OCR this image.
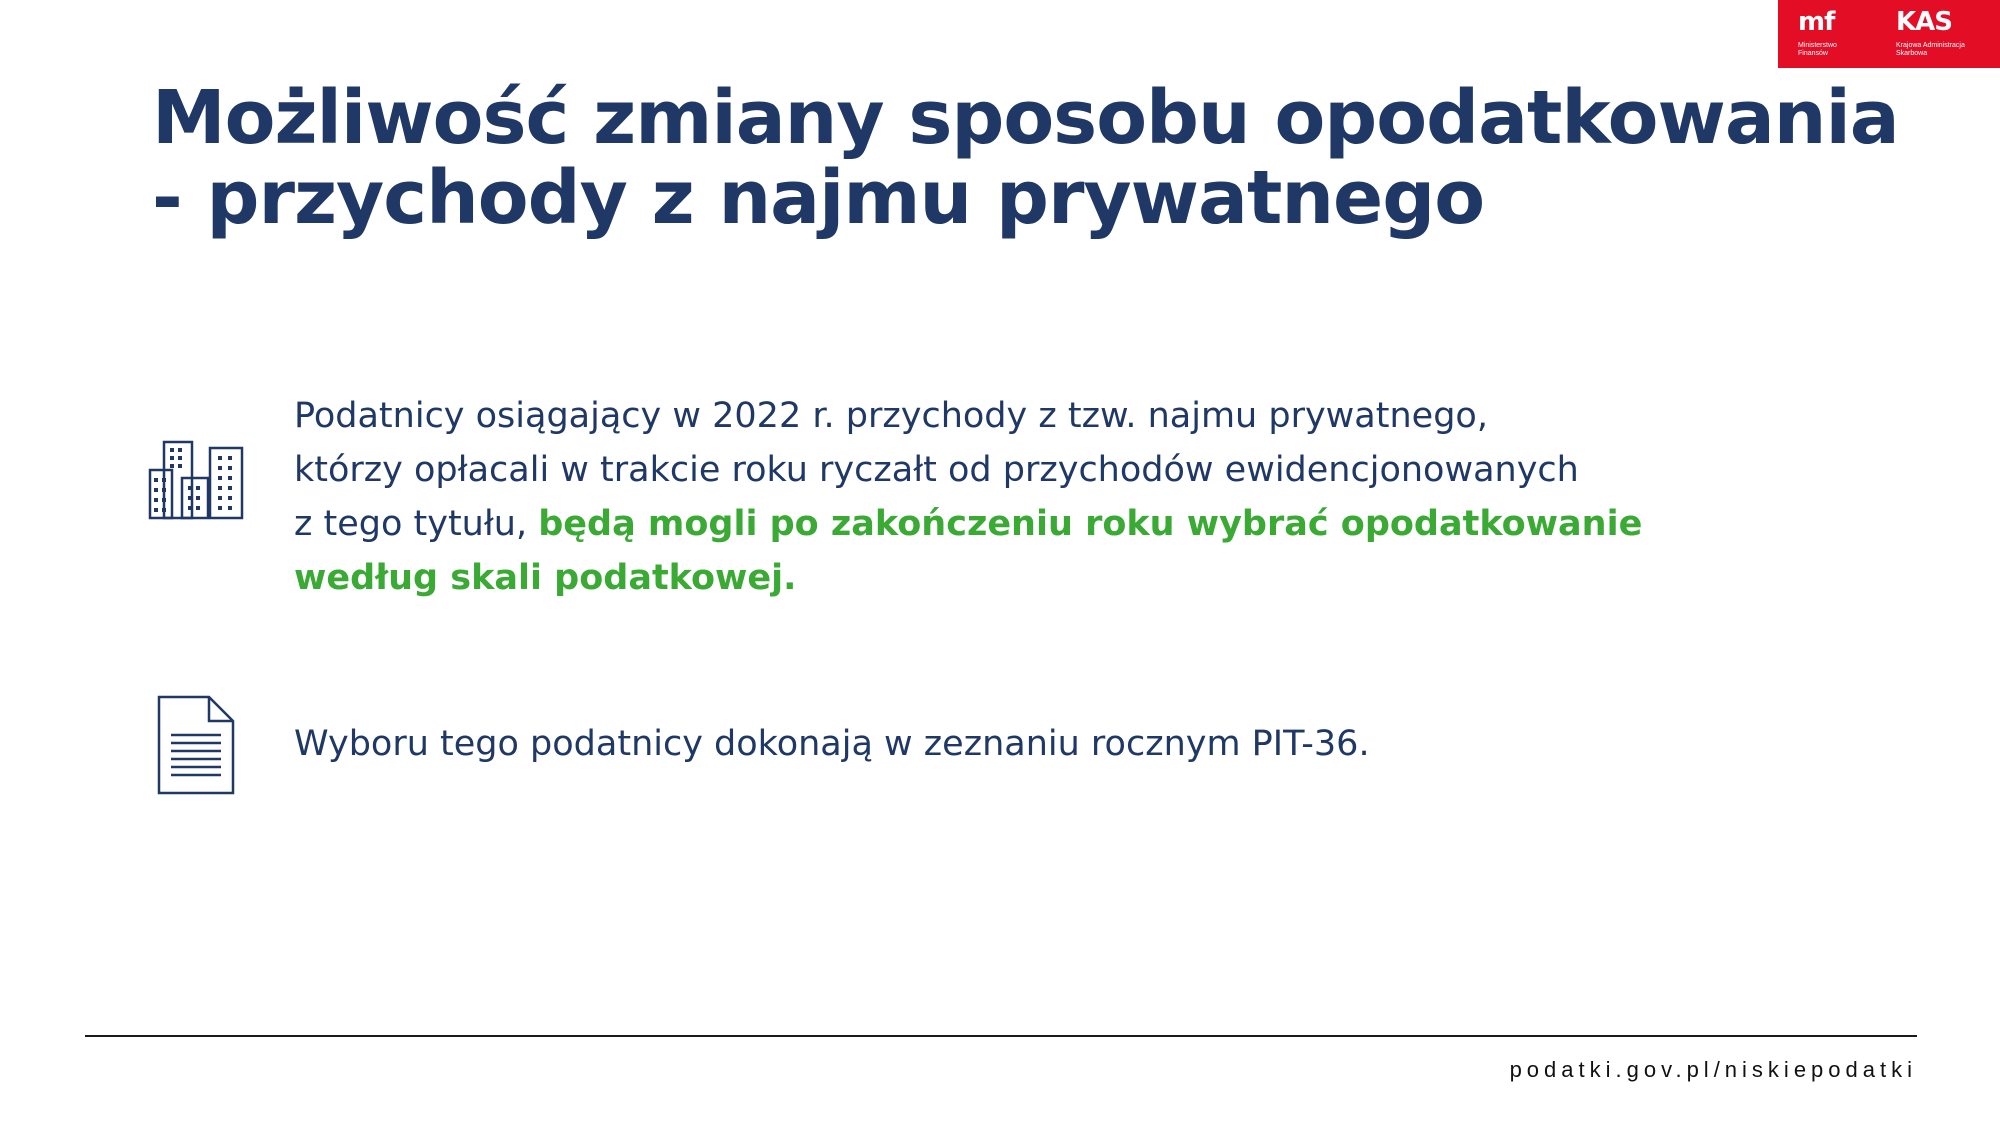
mf
Ministerstwo
Finansów
KAS
Krajowa Administracja
Skarbowa
Możliwość zmiany sposobu opodatkowania
- przychody z najmu prywatnego
Podatnicy osiągający w 2022 r. przychody z tzw. najmu prywatnego,
którzy opłacali w trakcie roku ryczałt od przychodów ewidencjonowanych
z tego tytułu, będą mogli po zakończeniu roku wybrać opodatkowanie
według skali podatkowej.
Wyboru tego podatnicy dokonają w zeznaniu rocznym PIT-36.
podatki.gov.pl/niskiepodatki
